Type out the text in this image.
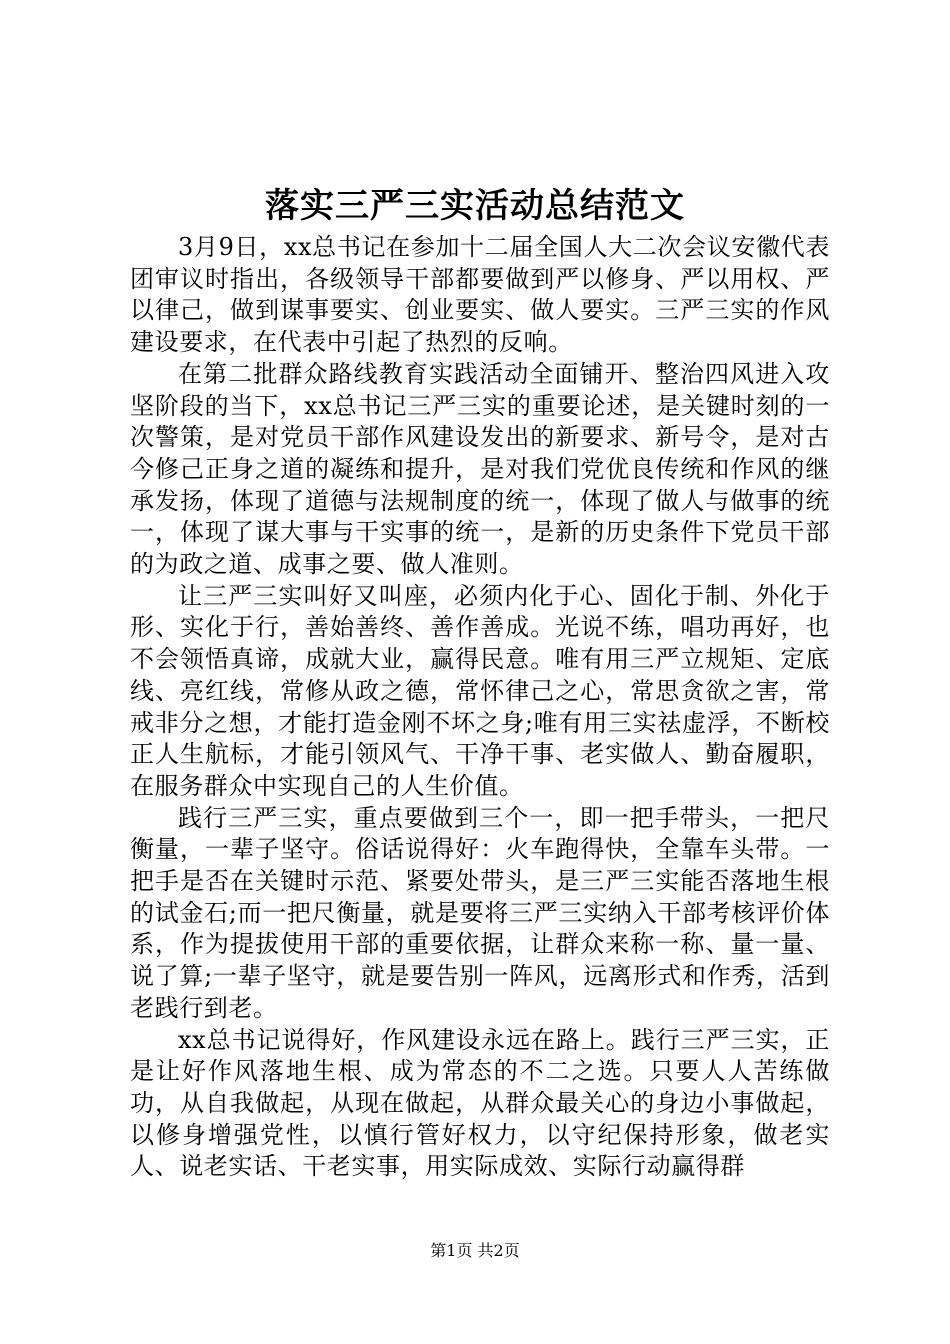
落实三严三实活动总结范文

3月9日，xx总书记在参加十二届全国人大二次会议安徽代表团审议时指出，各级领导干部都要做到严以修身、严以用权、严以律己，做到谋事要实、创业要实、做人要实。三严三实的作风建设要求，在代表中引起了热烈的反响。

在第二批群众路线教育实践活动全面铺开、整治四风进入攻坚阶段的当下，xx总书记三严三实的重要论述，是关键时刻的一次警策，是对党员干部作风建设发出的新要求、新号令，是对古今修己正身之道的凝练和提升，是对我们党优良传统和作风的继承发扬，体现了道德与法规制度的统一，体现了做人与做事的统一，体现了谋大事与干实事的统一，是新的历史条件下党员干部的为政之道、成事之要、做人准则。

让三严三实叫好又叫座，必须内化于心、固化于制、外化于形、实化于行，善始善终、善作善成。光说不练，唱功再好，也不会领悟真谛，成就大业，赢得民意。唯有用三严立规矩、定底线、亮红线，常修从政之德，常怀律己之心，常思贪欲之害，常戒非分之想，才能打造金刚不坏之身;唯有用三实祛虚浮，不断校正人生航标，才能引领风气、干净干事、老实做人、勤奋履职，在服务群众中实现自己的人生价值。

践行三严三实，重点要做到三个一，即一把手带头，一把尺衡量，一辈子坚守。俗话说得好：火车跑得快，全靠车头带。一把手是否在关键时示范、紧要处带头，是三严三实能否落地生根的试金石;而一把尺衡量，就是要将三严三实纳入干部考核评价体系，作为提拔使用干部的重要依据，让群众来称一称、量一量、说了算;一辈子坚守，就是要告别一阵风，远离形式和作秀，活到老践行到老。

xx总书记说得好，作风建设永远在路上。践行三严三实，正是让好作风落地生根、成为常态的不二之选。只要人人苦练做功，从自我做起，从现在做起，从群众最关心的身边小事做起，以修身增强党性，以慎行管好权力，以守纪保持形象，做老实人、说老实话、干老实事，用实际成效、实际行动赢得群

第1页 共2页
